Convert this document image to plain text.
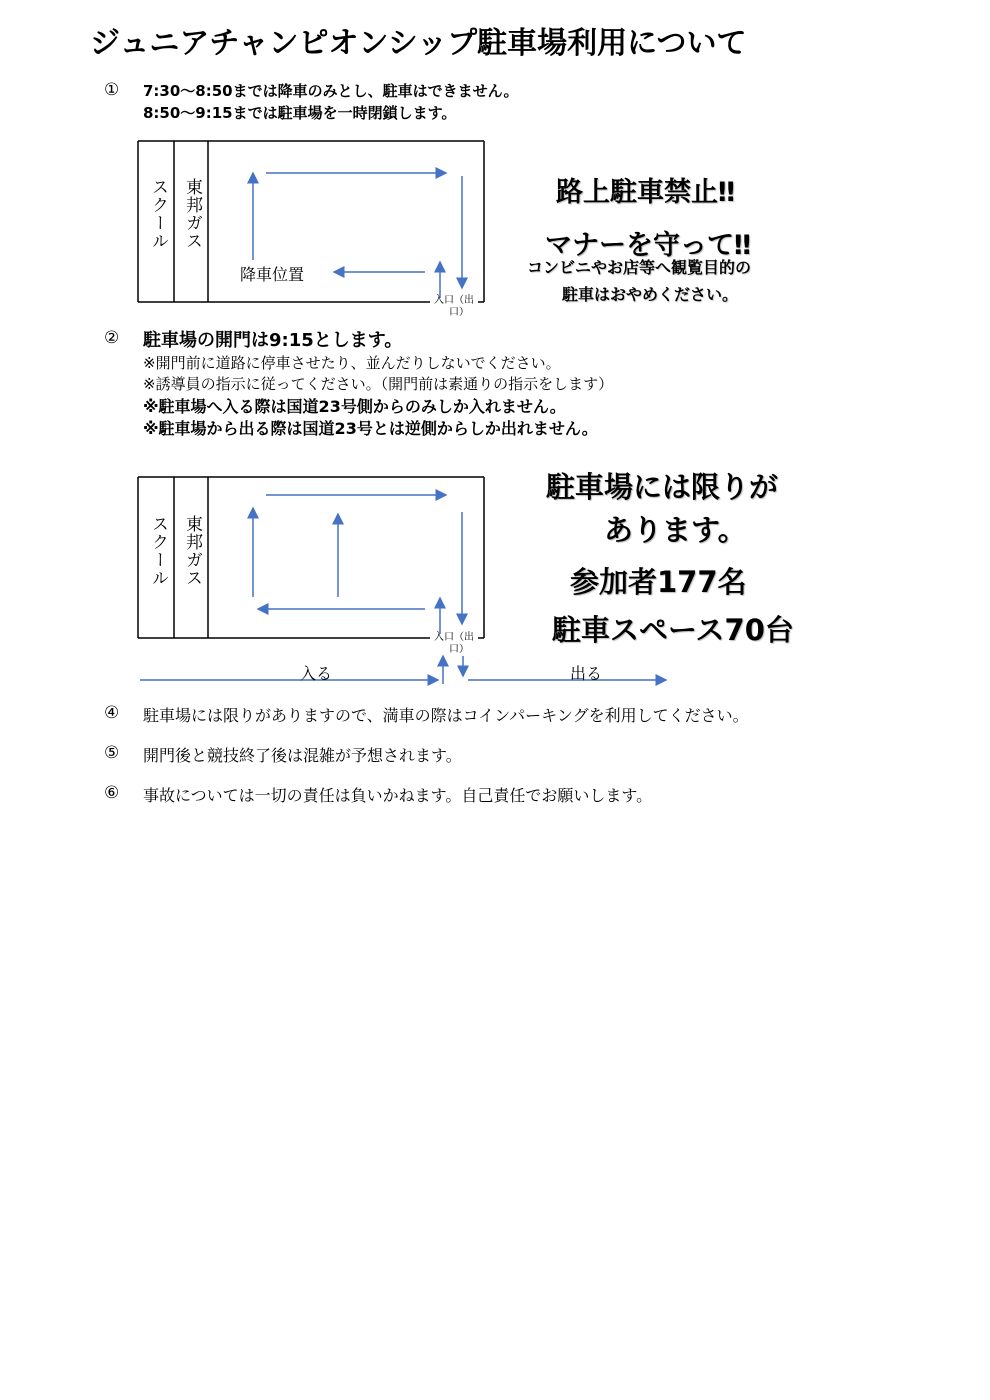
ジュニアチャンピオンシップ駐車場利用について
① 7:30〜8:50までは降車のみとし、駐車はできません。
8:50〜9:15までは駐車場を一時閉鎖します。
スクール 東邦ガス
降車位置
入口（出
口）
路上駐車禁止‼
マナーを守って‼
コンビニやお店等へ観覧目的の
駐車はおやめください。
② 駐車場の開門は9:15とします。
※開門前に道路に停車させたり、並んだりしないでください。
※誘導員の指示に従ってください。（開門前は素通りの指示をします）
※駐車場へ入る際は国道23号側からのみしか入れません。
※駐車場から出る際は国道23号とは逆側からしか出れません。
スクール 東邦ガス
入口（出
口）
入る	出る
駐車場には限りが
あります。
参加者177名
駐車スペース70台
④ 駐車場には限りがありますので、満車の際はコインパーキングを利用してください。
⑤ 開門後と競技終了後は混雑が予想されます。
⑥ 事故については一切の責任は負いかねます。自己責任でお願いします。
